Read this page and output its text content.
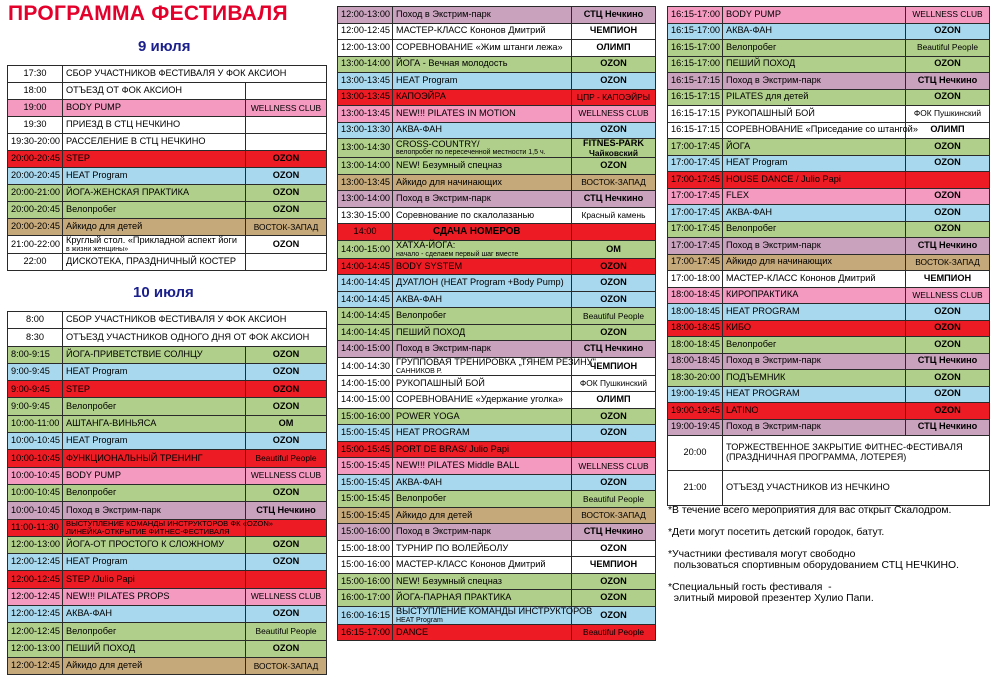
ПРОГРАММА ФЕСТИВАЛЯ
9 июля
17:30	СБОР УЧАСТНИКОВ ФЕСТИВАЛЯ У ФОК АКСИОН	
18:00	ОТЪЕЗД ОТ ФОК АКСИОН	
19:00	BODY PUMP	WELLNESS CLUB
19:30	ПРИЕЗД В СТЦ НЕЧКИНО	
19:30-20:00	РАССЕЛЕНИЕ В СТЦ НЕЧКИНО	
20:00-20:45	STEP	OZON
20:00-20:45	HEAT Program	OZON
20:00-21:00	ЙОГА-ЖЕНСКАЯ ПРАКТИКА	OZON
20:00-20:45	Велопробег	OZON
20:00-20:45	Айкидо для детей	ВОСТОК-ЗАПАД
21:00-22:00	Круглый стол. «Прикладной аспект йоги
в жизни женщины»	OZON
22:00	ДИСКОТЕКА, ПРАЗДНИЧНЫЙ КОСТЕР	
10 июля
8:00	СБОР УЧАСТНИКОВ ФЕСТИВАЛЯ У ФОК АКСИОН	
8:30	ОТЪЕЗД УЧАСТНИКОВ ОДНОГО ДНЯ ОТ ФОК АКСИОН	
8:00-9:15	ЙОГА-ПРИВЕТСТВИЕ СОЛНЦУ	OZON
9:00-9:45	HEAT Program	OZON
9:00-9:45	STEP	OZON
9:00-9:45	Велопробег	OZON
10:00-11:00	АШТАНГА-ВИНЬЯСА	ОМ
10:00-10:45	HEAT Program	OZON
10:00-10:45	ФУНКЦИОНАЛЬНЫЙ ТРЕНИНГ	Beautiful People
10:00-10:45	BODY PUMP	WELLNESS CLUB
10:00-10:45	Велопробег	OZON
10:00-10:45	Поход в Экстрим-парк	СТЦ Нечкино
11:00-11:30	ВЫСТУПЛЕНИЕ КОМАНДЫ ИНСТРУКТОРОВ ФК «OZON»
ЛИНЕЙКА-ОТКРЫТИЕ ФИТНЕС-ФЕСТИВАЛЯ	

12:00-13:00	ЙОГА-ОТ ПРОСТОГО К СЛОЖНОМУ	OZON
12:00-12:45	HEAT Program	OZON
12:00-12:45	STEP /Julio Papi	
12:00-12:45	NEW!!! PILATES PROPS	WELLNESS CLUB
12:00-12:45	АКВА-ФАН	OZON
12:00-12:45	Велопробег	Beautiful People
12:00-13:00	ПЕШИЙ ПОХОД	OZON
12:00-12:45	Айкидо для детей	ВОСТОК-ЗАПАД
12:00-13:00	Поход в Экстрим-парк	СТЦ Нечкино
12:00-12:45	МАСТЕР-КЛАСС Кононов Дмитрий	ЧЕМПИОН
12:00-13:00	СОРЕВНОВАНИЕ «Жим штанги лежа»	ОЛИМП
13:00-14:00	ЙОГА - Вечная молодость	OZON
13:00-13:45	HEAT Program	OZON
13:00-13:45	КАПОЭЙРА	ЦПР - КАПОЭЙРЫ
13:00-13:45	NEW!!! PILATES IN MOTION	WELLNESS CLUB
13:00-13:30	АКВА-ФАН	OZON
13:00-14:30	CROSS-COUNTRY/
велопробег по пересеченной местности 1,5 ч.	FITNES-PARK
Чайковский

13:00-14:00	NEW! Безумный спецназ	OZON
13:00-13:45	Айкидо для начинающих	ВОСТОК-ЗАПАД
13:00-14:00	Поход в Экстрим-парк	СТЦ Нечкино
13:30-15:00	Соревнование по скалолазанью	Красный камень
14:00	СДАЧА НОМЕРОВ	
14:00-15:00	ХАТХА-ЙОГА:
начало - сделаем первый шаг вместе	ОМ
14:00-14:45	BODY SYSTEM	OZON
14:00-14:45	ДУАТЛОН (HEAT Program +Body Pump)	OZON
14:00-14:45	АКВА-ФАН	OZON
14:00-14:45	Велопробег	Beautiful People
14:00-14:45	ПЕШИЙ ПОХОД	OZON
14:00-15:00	Поход в Экстрим-парк	СТЦ Нечкино
14:00-14:30	ГРУППОВАЯ ТРЕНИРОВКА „ТЯНЕМ РЕЗИНУ"
САННИКОВ Р.	ЧЕМПИОН
14:00-15:00	РУКОПАШНЫЙ БОЙ	ФОК Пушкинский
14:00-15:00	СОРЕВНОВАНИЕ «Удержание уголка»	ОЛИМП
15:00-16:00	POWER YOGA	OZON
15:00-15:45	HEAT PROGRAM	OZON
15:00-15:45	PORT DE BRAS/ Julio Papi	
15:00-15:45	NEW!!! PILATES Middle BALL	WELLNESS CLUB
15:00-15:45	АКВА-ФАН	OZON
15:00-15:45	Велопробег	Beautiful People
15:00-15:45	Айкидо для детей	ВОСТОК-ЗАПАД
15:00-16:00	Поход в Экстрим-парк	СТЦ Нечкино
15:00-18:00	ТУРНИР ПО ВОЛЕЙБОЛУ	OZON
15:00-16:00	МАСТЕР-КЛАСС Кононов Дмитрий	ЧЕМПИОН
15:00-16:00	NEW! Безумный спецназ	OZON
16:00-17:00	ЙОГА-ПАРНАЯ ПРАКТИКА	OZON
16:00-16:15	ВЫСТУПЛЕНИЕ КОМАНДЫ ИНСТРУКТОРОВ
HEAT Program	OZON
16:15-17:00	DANCE	Beautiful People
16:15-17:00	BODY PUMP	WELLNESS CLUB
16:15-17:00	АКВА-ФАН	OZON
16:15-17:00	Велопробег	Beautiful People
16:15-17:00	ПЕШИЙ ПОХОД	OZON
16:15-17:15	Поход в Экстрим-парк	СТЦ Нечкино
16:15-17:15	PILATES для детей	OZON
16:15-17:15	РУКОПАШНЫЙ БОЙ	ФОК Пушкинский
16:15-17:15	СОРЕВНОВАНИЕ «Приседание со штангой»	ОЛИМП
17:00-17:45	ЙОГА	OZON
17:00-17:45	HEAT Program	OZON
17:00-17:45	HOUSE DANCE / Julio Papi	
17:00-17:45	FLEX	OZON
17:00-17:45	АКВА-ФАН	OZON
17:00-17:45	Велопробег	OZON
17:00-17:45	Поход в Экстрим-парк	СТЦ Нечкино
17:00-17:45	Айкидо для начинающих	ВОСТОК-ЗАПАД
17:00-18:00	МАСТЕР-КЛАСС Кононов Дмитрий	ЧЕМПИОН
18:00-18:45	КИРОПРАКТИКА	WELLNESS CLUB
18:00-18:45	HEAT PROGRAM	OZON
18:00-18:45	КИБО	OZON
18:00-18:45	Велопробег	OZON
18:00-18:45	Поход в Экстрим-парк	СТЦ Нечкино
18:30-20:00	ПОДЪЕМНИК	OZON
19:00-19:45	HEAT PROGRAM	OZON
19:00-19:45	LATINO	OZON
19:00-19:45	Поход в Экстрим-парк	СТЦ Нечкино
20:00	ТОРЖЕСТВЕННОЕ ЗАКРЫТИЕ ФИТНЕС-ФЕСТИВАЛЯ
(ПРАЗДНИЧНАЯ ПРОГРАММА, ЛОТЕРЕЯ)	

21:00	ОТЪЕЗД УЧАСТНИКОВ ИЗ НЕЧКИНО	

*В течение всего мероприятия для вас открыт Скалодром.

*Дети могут посетить детский городок, батут.

*Участники фестиваля могут свободно
пользоваться спортивным оборудованием СТЦ НЕЧКИНО.

*Специальный гость фестиваля  -
элитный мировой презентер Хулио Папи.
